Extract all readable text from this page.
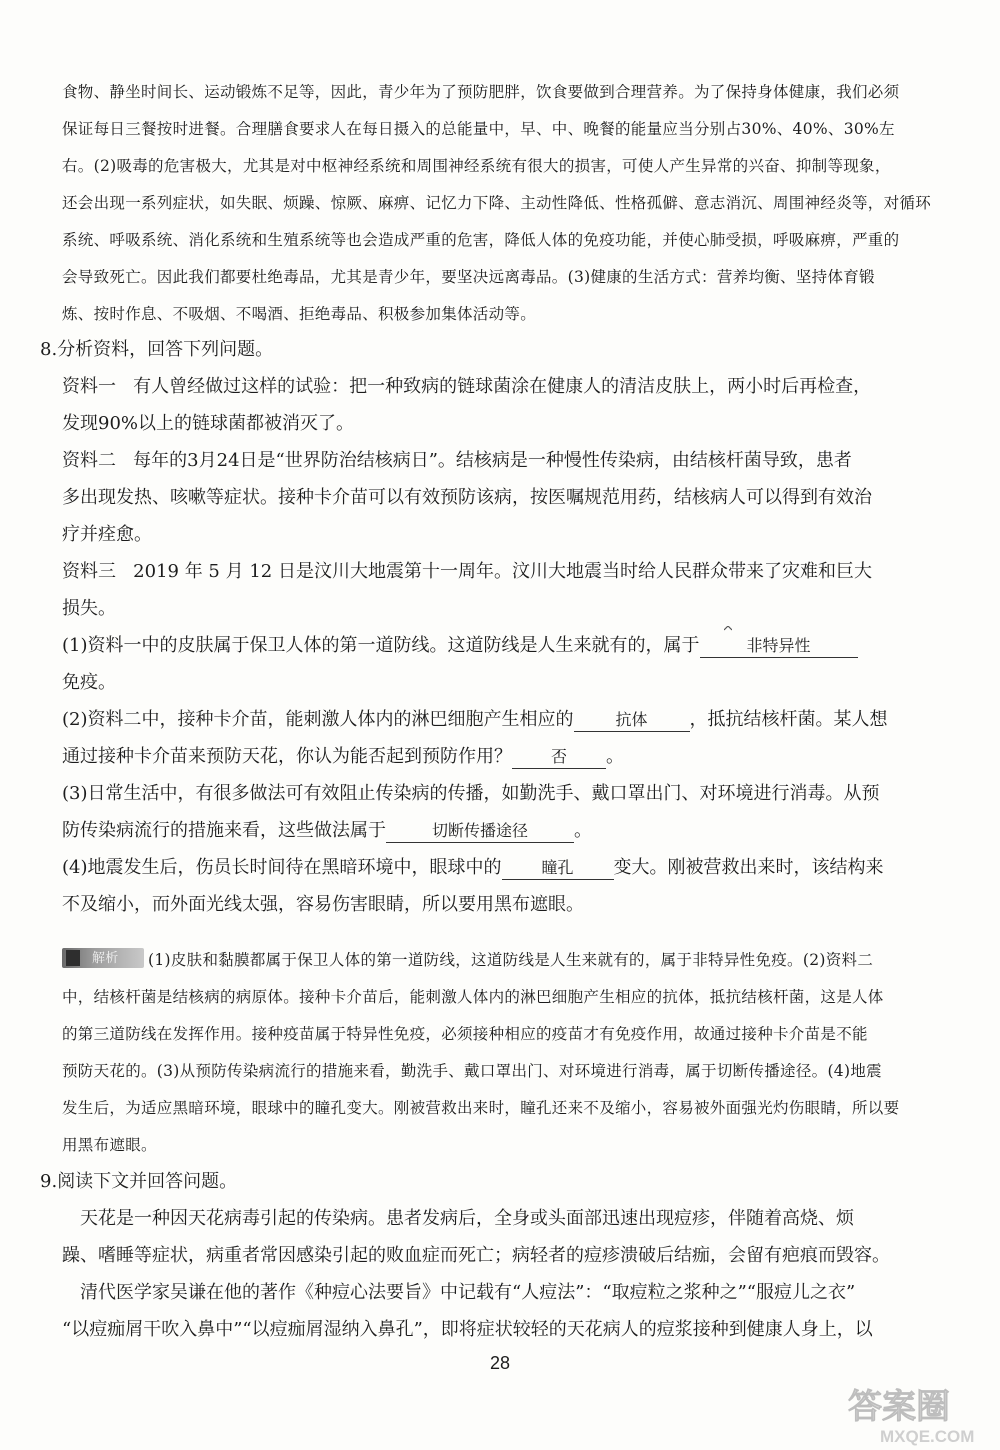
食物、静坐时间长、运动锻炼不足等，因此，青少年为了预防肥胖，饮食要做到合理营养。为了保持身体健康，我们必须
保证每日三餐按时进餐。合理膳食要求人在每日摄入的总能量中，早、中、晚餐的能量应当分别占30%、40%、30%左
右。(2)吸毒的危害极大，尤其是对中枢神经系统和周围神经系统有很大的损害，可使人产生异常的兴奋、抑制等现象，
还会出现一系列症状，如失眠、烦躁、惊厥、麻痹、记忆力下降、主动性降低、性格孤僻、意志消沉、周围神经炎等，对循环
系统、呼吸系统、消化系统和生殖系统等也会造成严重的危害，降低人体的免疫功能，并使心肺受损，呼吸麻痹，严重的
会导致死亡。因此我们都要杜绝毒品，尤其是青少年，要坚决远离毒品。(3)健康的生活方式：营养均衡、坚持体育锻
炼、按时作息、不吸烟、不喝酒、拒绝毒品、积极参加集体活动等。
8.分析资料，回答下列问题。
资料一 有人曾经做过这样的试验：把一种致病的链球菌涂在健康人的清洁皮肤上，两小时后再检查，
发现90%以上的链球菌都被消灭了。
资料二 每年的3月24日是“世界防治结核病日”。结核病是一种慢性传染病，由结核杆菌导致，患者
多出现发热、咳嗽等症状。接种卡介苗可以有效预防该病，按医嘱规范用药，结核病人可以得到有效治
疗并痊愈。
资料三 2019 年 5 月 12 日是汶川大地震第十一周年。汶川大地震当时给人民群众带来了灾难和巨大
损失。
(1)资料一中的皮肤属于保卫人体的第一道防线。这道防线是人生来就有的，属于	非特异性
免疫。
(2)资料二中，接种卡介苗，能刺激人体内的淋巴细胞产生相应的	抗体 ，抵抗结核杆菌。某人想
通过接种卡介苗来预防天花，你认为能否起到预防作用？ 否 。
(3)日常生活中，有很多做法可有效阻止传染病的传播，如勤洗手、戴口罩出门、对环境进行消毒。从预
防传染病流行的措施来看，这些做法属于	切断传播途径	。
(4)地震发生后，伤员长时间待在黑暗环境中，眼球中的 瞳孔 变大。刚被营救出来时，该结构来
不及缩小，而外面光线太强，容易伤害眼睛，所以要用黑布遮眼。
解析 (1)皮肤和黏膜都属于保卫人体的第一道防线，这道防线是人生来就有的，属于非特异性免疫。(2)资料二
中，结核杆菌是结核病的病原体。接种卡介苗后，能刺激人体内的淋巴细胞产生相应的抗体，抵抗结核杆菌，这是人体
的第三道防线在发挥作用。接种疫苗属于特异性免疫，必须接种相应的疫苗才有免疫作用，故通过接种卡介苗是不能
预防天花的。(3)从预防传染病流行的措施来看，勤洗手、戴口罩出门、对环境进行消毒，属于切断传播途径。(4)地震
发生后，为适应黑暗环境，眼球中的瞳孔变大。刚被营救出来时，瞳孔还来不及缩小，容易被外面强光灼伤眼睛，所以要
用黑布遮眼。
9.阅读下文并回答问题。
天花是一种因天花病毒引起的传染病。患者发病后，全身或头面部迅速出现痘疹，伴随着高烧、烦
躁、嗜睡等症状，病重者常因感染引起的败血症而死亡；病轻者的痘疹溃破后结痂，会留有疤痕而毁容。
清代医学家吴谦在他的著作《种痘心法要旨》中记载有“人痘法”：“取痘粒之浆种之”“服痘儿之衣”
“以痘痂屑干吹入鼻中”“以痘痂屑湿纳入鼻孔”，即将症状较轻的天花病人的痘浆接种到健康人身上，以
28
答案圈
MXQE.COM
